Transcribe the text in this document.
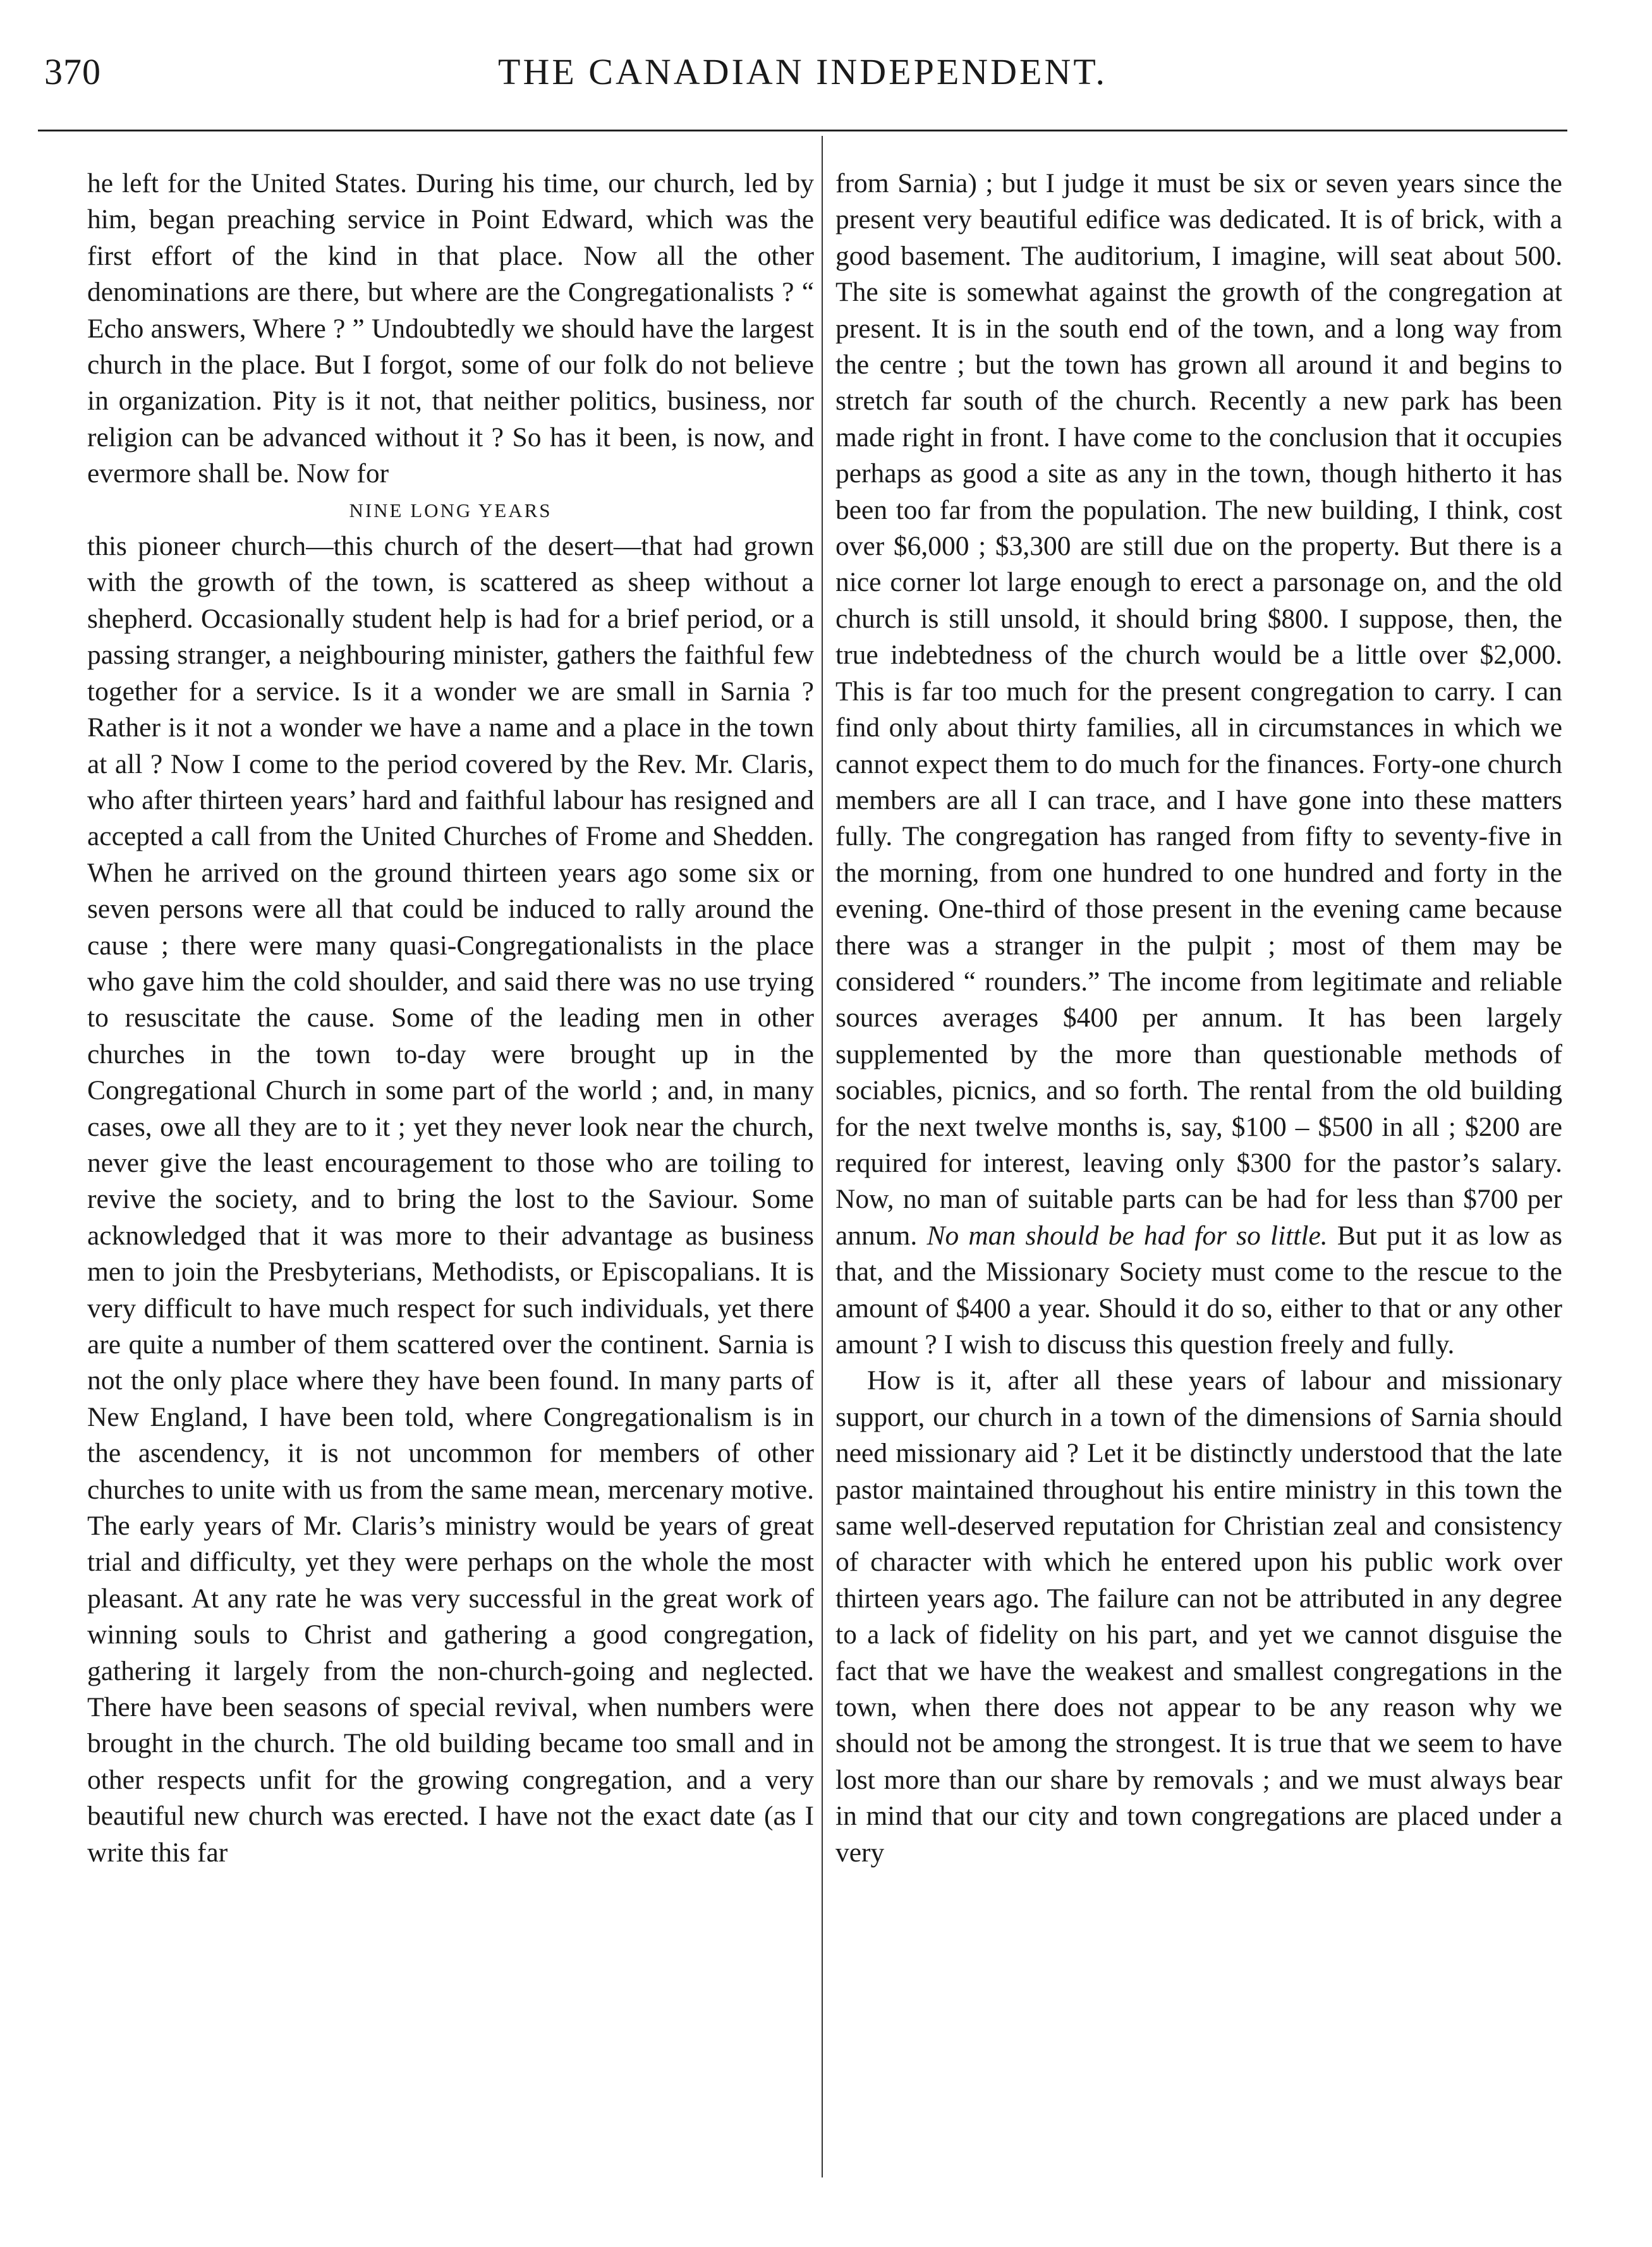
370	THE CANADIAN INDEPENDENT.

he left for the United States. During his time, our church, led by him, began preaching service in Point Edward, which was the first effort of the kind in that place. Now all the other denominations are there, but where are the Congregationalists ? “ Echo answers, Where ? ” Undoubtedly we should have the largest church in the place. But I forgot, some of our folk do not believe in organization. Pity is it not, that neither politics, business, nor religion can be advanced without it ? So has it been, is now, and evermore shall be. Now for

NINE LONG YEARS

this pioneer church—this church of the desert—that had grown with the growth of the town, is scattered as sheep without a shepherd. Occasionally student help is had for a brief period, or a passing stranger, a neighbouring minister, gathers the faithful few together for a service. Is it a wonder we are small in Sarnia ? Rather is it not a wonder we have a name and a place in the town at all ? Now I come to the period covered by the Rev. Mr. Claris, who after thirteen years’ hard and faithful labour has resigned and accepted a call from the United Churches of Frome and Shedden. When he arrived on the ground thirteen years ago some six or seven persons were all that could be induced to rally around the cause ; there were many quasi-Congregationalists in the place who gave him the cold shoulder, and said there was no use trying to resuscitate the cause. Some of the leading men in other churches in the town to-day were brought up in the Congregational Church in some part of the world ; and, in many cases, owe all they are to it ; yet they never look near the church, never give the least encouragement to those who are toiling to revive the society, and to bring the lost to the Saviour. Some acknowledged that it was more to their advantage as business men to join the Presbyterians, Methodists, or Episcopalians. It is very difficult to have much respect for such individuals, yet there are quite a number of them scattered over the continent. Sarnia is not the only place where they have been found. In many parts of New England, I have been told, where Congregationalism is in the ascendency, it is not uncommon for members of other churches to unite with us from the same mean, mercenary motive. The early years of Mr. Claris’s ministry would be years of great trial and difficulty, yet they were perhaps on the whole the most pleasant. At any rate he was very successful in the great work of winning souls to Christ and gathering a good congregation, gathering it largely from the non-church-going and neglected. There have been seasons of special revival, when numbers were brought in the church. The old building became too small and in other respects unfit for the growing congregation, and a very beautiful new church was erected. I have not the exact date (as I write this far

from Sarnia) ; but I judge it must be six or seven years since the present very beautiful edifice was dedicated. It is of brick, with a good basement. The auditorium, I imagine, will seat about 500. The site is somewhat against the growth of the congregation at present. It is in the south end of the town, and a long way from the centre ; but the town has grown all around it and begins to stretch far south of the church. Recently a new park has been made right in front. I have come to the conclusion that it occupies perhaps as good a site as any in the town, though hitherto it has been too far from the population. The new building, I think, cost over $6,000 ; $3,300 are still due on the property. But there is a nice corner lot large enough to erect a parsonage on, and the old church is still unsold, it should bring $800. I suppose, then, the true indebtedness of the church would be a little over $2,000. This is far too much for the present congregation to carry. I can find only about thirty families, all in circumstances in which we cannot expect them to do much for the finances. Forty-one church members are all I can trace, and I have gone into these matters fully. The congregation has ranged from fifty to seventy-five in the morning, from one hundred to one hundred and forty in the evening. One-third of those present in the evening came because there was a stranger in the pulpit ; most of them may be considered “ rounders.” The income from legitimate and reliable sources averages $400 per annum. It has been largely supplemented by the more than questionable methods of sociables, picnics, and so forth. The rental from the old building for the next twelve months is, say, $100 – $500 in all ; $200 are required for interest, leaving only $300 for the pastor’s salary. Now, no man of suitable parts can be had for less than $700 per annum. No man should be had for so little. But put it as low as that, and the Missionary Society must come to the rescue to the amount of $400 a year. Should it do so, either to that or any other amount ? I wish to discuss this question freely and fully.

How is it, after all these years of labour and missionary support, our church in a town of the dimensions of Sarnia should need missionary aid ? Let it be distinctly understood that the late pastor maintained throughout his entire ministry in this town the same well-deserved reputation for Christian zeal and consistency of character with which he entered upon his public work over thirteen years ago. The failure can not be attributed in any degree to a lack of fidelity on his part, and yet we cannot disguise the fact that we have the weakest and smallest congregations in the town, when there does not appear to be any reason why we should not be among the strongest. It is true that we seem to have lost more than our share by removals ; and we must always bear in mind that our city and town congregations are placed under a very
